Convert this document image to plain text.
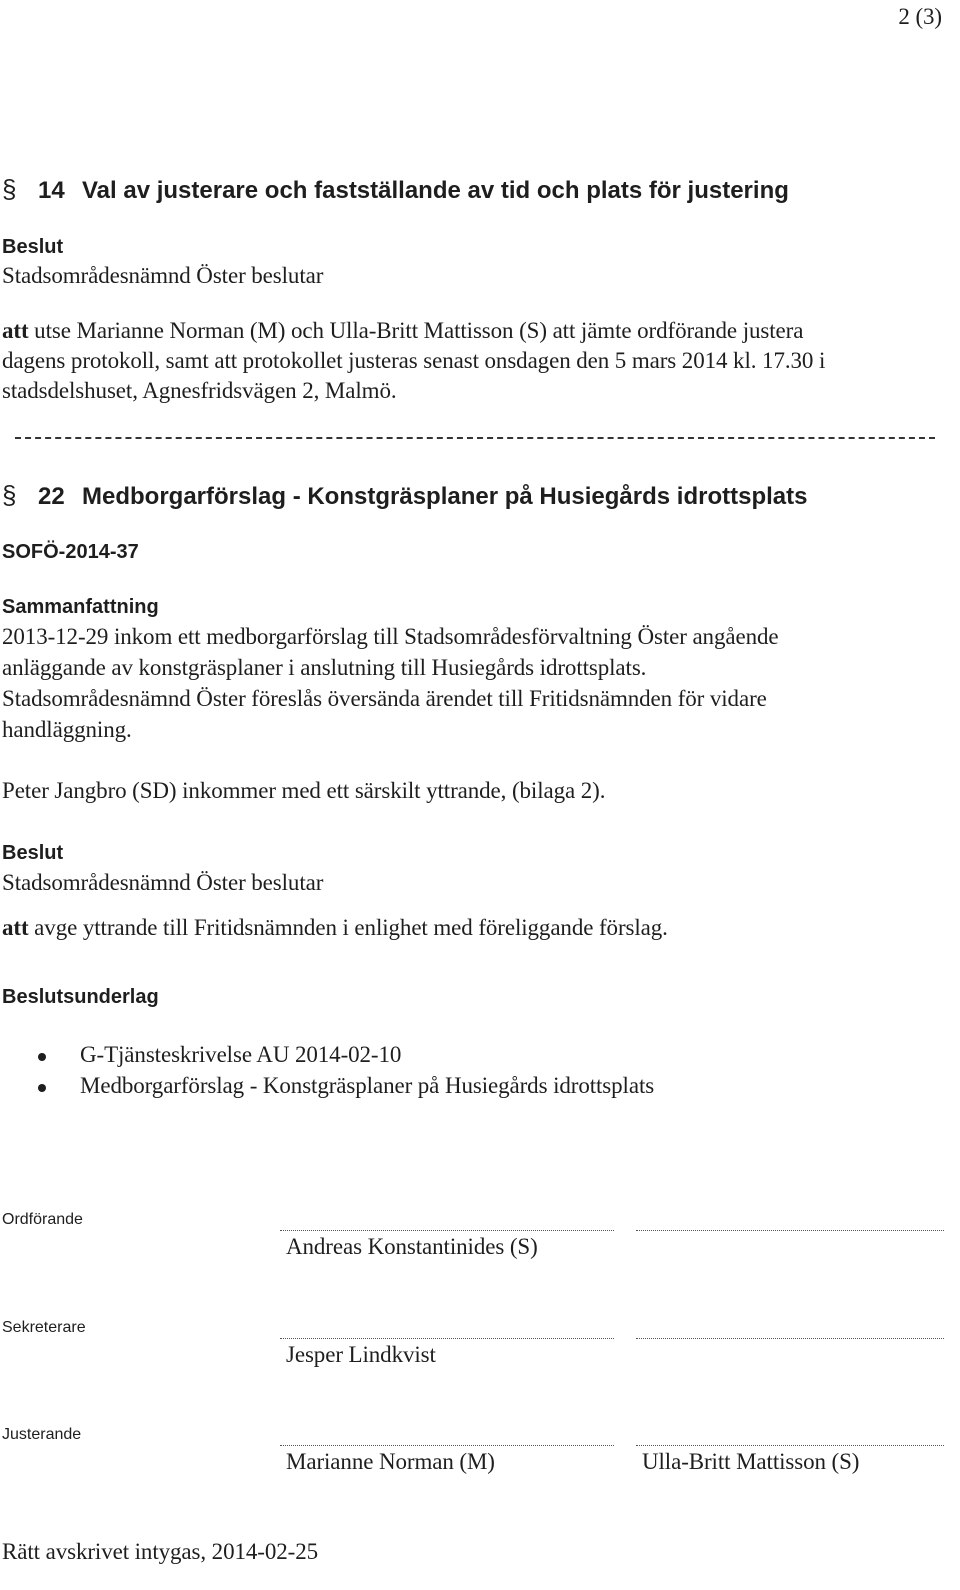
2 (3)
§ 14 Val av justerare och fastställande av tid och plats för justering
Beslut
Stadsområdesnämnd Öster beslutar
att utse Marianne Norman (M) och Ulla-Britt Mattisson (S) att jämte ordförande justera
dagens protokoll, samt att protokollet justeras senast onsdagen den 5 mars 2014 kl. 17.30 i
stadsdelshuset, Agnesfridsvägen 2, Malmö.
§ 22 Medborgarförslag - Konstgräsplaner på Husiegårds idrottsplats
SOFÖ-2014-37
Sammanfattning
2013-12-29 inkom ett medborgarförslag till Stadsområdesförvaltning Öster angående
anläggande av konstgräsplaner i anslutning till Husiegårds idrottsplats.
Stadsområdesnämnd Öster föreslås översända ärendet till Fritidsnämnden för vidare
handläggning.
Peter Jangbro (SD) inkommer med ett särskilt yttrande, (bilaga 2).
Beslut
Stadsområdesnämnd Öster beslutar
att avge yttrande till Fritidsnämnden i enlighet med föreliggande förslag.
Beslutsunderlag
G-Tjänsteskrivelse AU 2014-02-10
Medborgarförslag - Konstgräsplaner på Husiegårds idrottsplats
Ordförande
Andreas Konstantinides (S)
Sekreterare
Jesper Lindkvist
Justerande
Marianne Norman (M)	Ulla-Britt Mattisson (S)
Rätt avskrivet intygas, 2014-02-25
